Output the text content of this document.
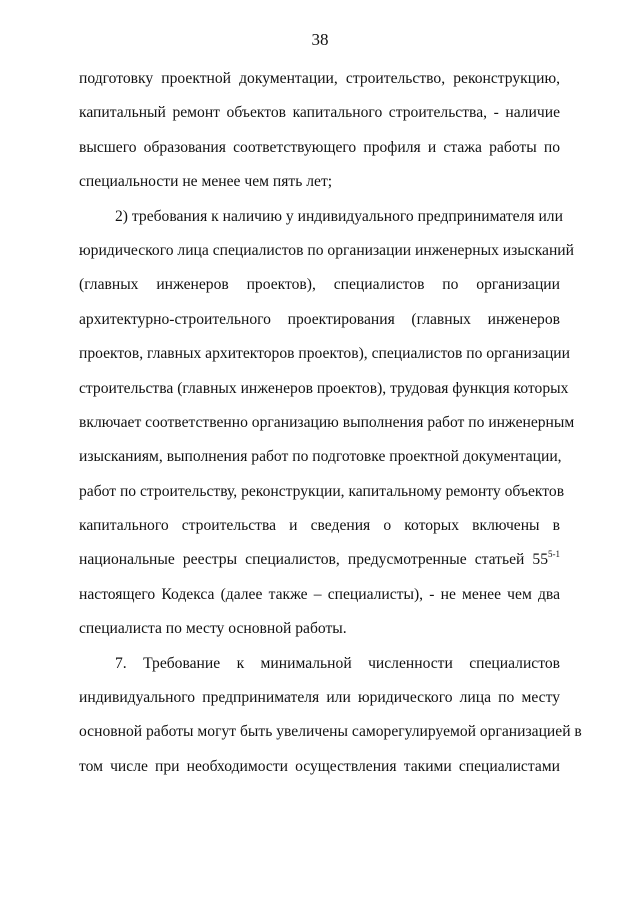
38
подготовку проектной документации, строительство, реконструкцию,
капитальный ремонт объектов капитального строительства, - наличие
высшего образования соответствующего профиля и стажа работы по
специальности не менее чем пять лет;
2) требования к наличию у индивидуального предпринимателя или
юридического лица специалистов по организации инженерных изысканий
(главных инженеров проектов), специалистов по организации
архитектурно-строительного проектирования (главных инженеров
проектов, главных архитекторов проектов), специалистов по организации
строительства (главных инженеров проектов), трудовая функция которых
включает соответственно организацию выполнения работ по инженерным
изысканиям, выполнения работ по подготовке проектной документации,
работ по строительству, реконструкции, капитальному ремонту объектов
капитального строительства и сведения о которых включены в
национальные реестры специалистов, предусмотренные статьей 55$^{5-1}$
настоящего Кодекса (далее также – специалисты), - не менее чем два
специалиста по месту основной работы.
7. Требование к минимальной численности специалистов
индивидуального предпринимателя или юридического лица по месту
основной работы могут быть увеличены саморегулируемой организацией в
том числе при необходимости осуществления такими специалистами
